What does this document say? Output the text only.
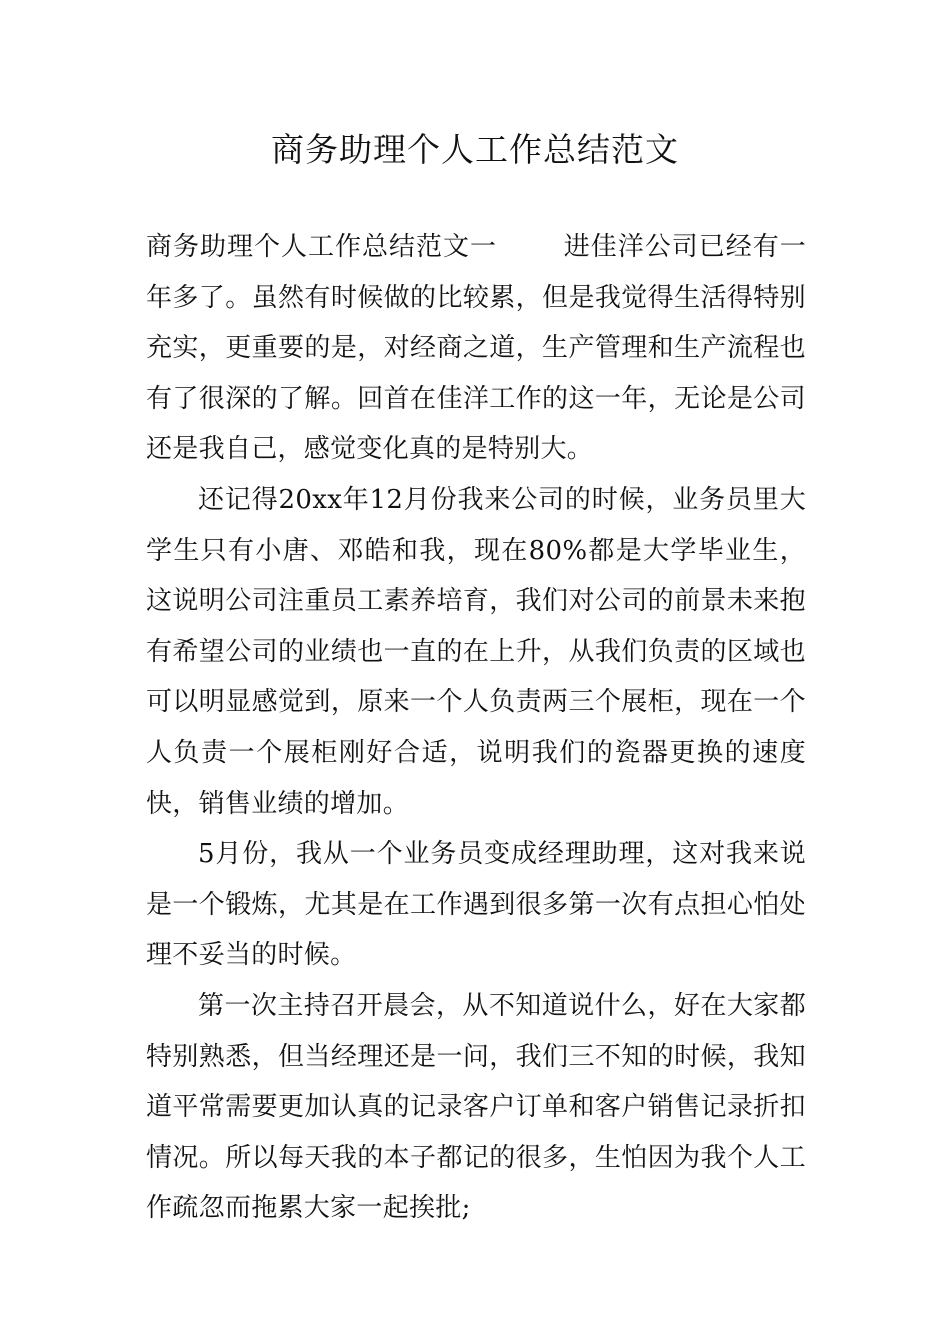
商务助理个人工作总结范文

商务助理个人工作总结范文一	进佳洋公司已经有一年多了。虽然有时候做的比较累，但是我觉得生活得特别充实，更重要的是，对经商之道，生产管理和生产流程也有了很深的了解。回首在佳洋工作的这一年，无论是公司还是我自己，感觉变化真的是特别大。

还记得20xx年12月份我来公司的时候，业务员里大学生只有小唐、邓皓和我，现在80%都是大学毕业生，这说明公司注重员工素养培育，我们对公司的前景未来抱有希望公司的业绩也一直的在上升，从我们负责的区域也可以明显感觉到，原来一个人负责两三个展柜，现在一个人负责一个展柜刚好合适，说明我们的瓷器更换的速度快，销售业绩的增加。

5月份，我从一个业务员变成经理助理，这对我来说是一个锻炼，尤其是在工作遇到很多第一次有点担心怕处理不妥当的时候。

第一次主持召开晨会，从不知道说什么，好在大家都特别熟悉，但当经理还是一问，我们三不知的时候，我知道平常需要更加认真的记录客户订单和客户销售记录折扣情况。所以每天我的本子都记的很多，生怕因为我个人工作疏忽而拖累大家一起挨批;
